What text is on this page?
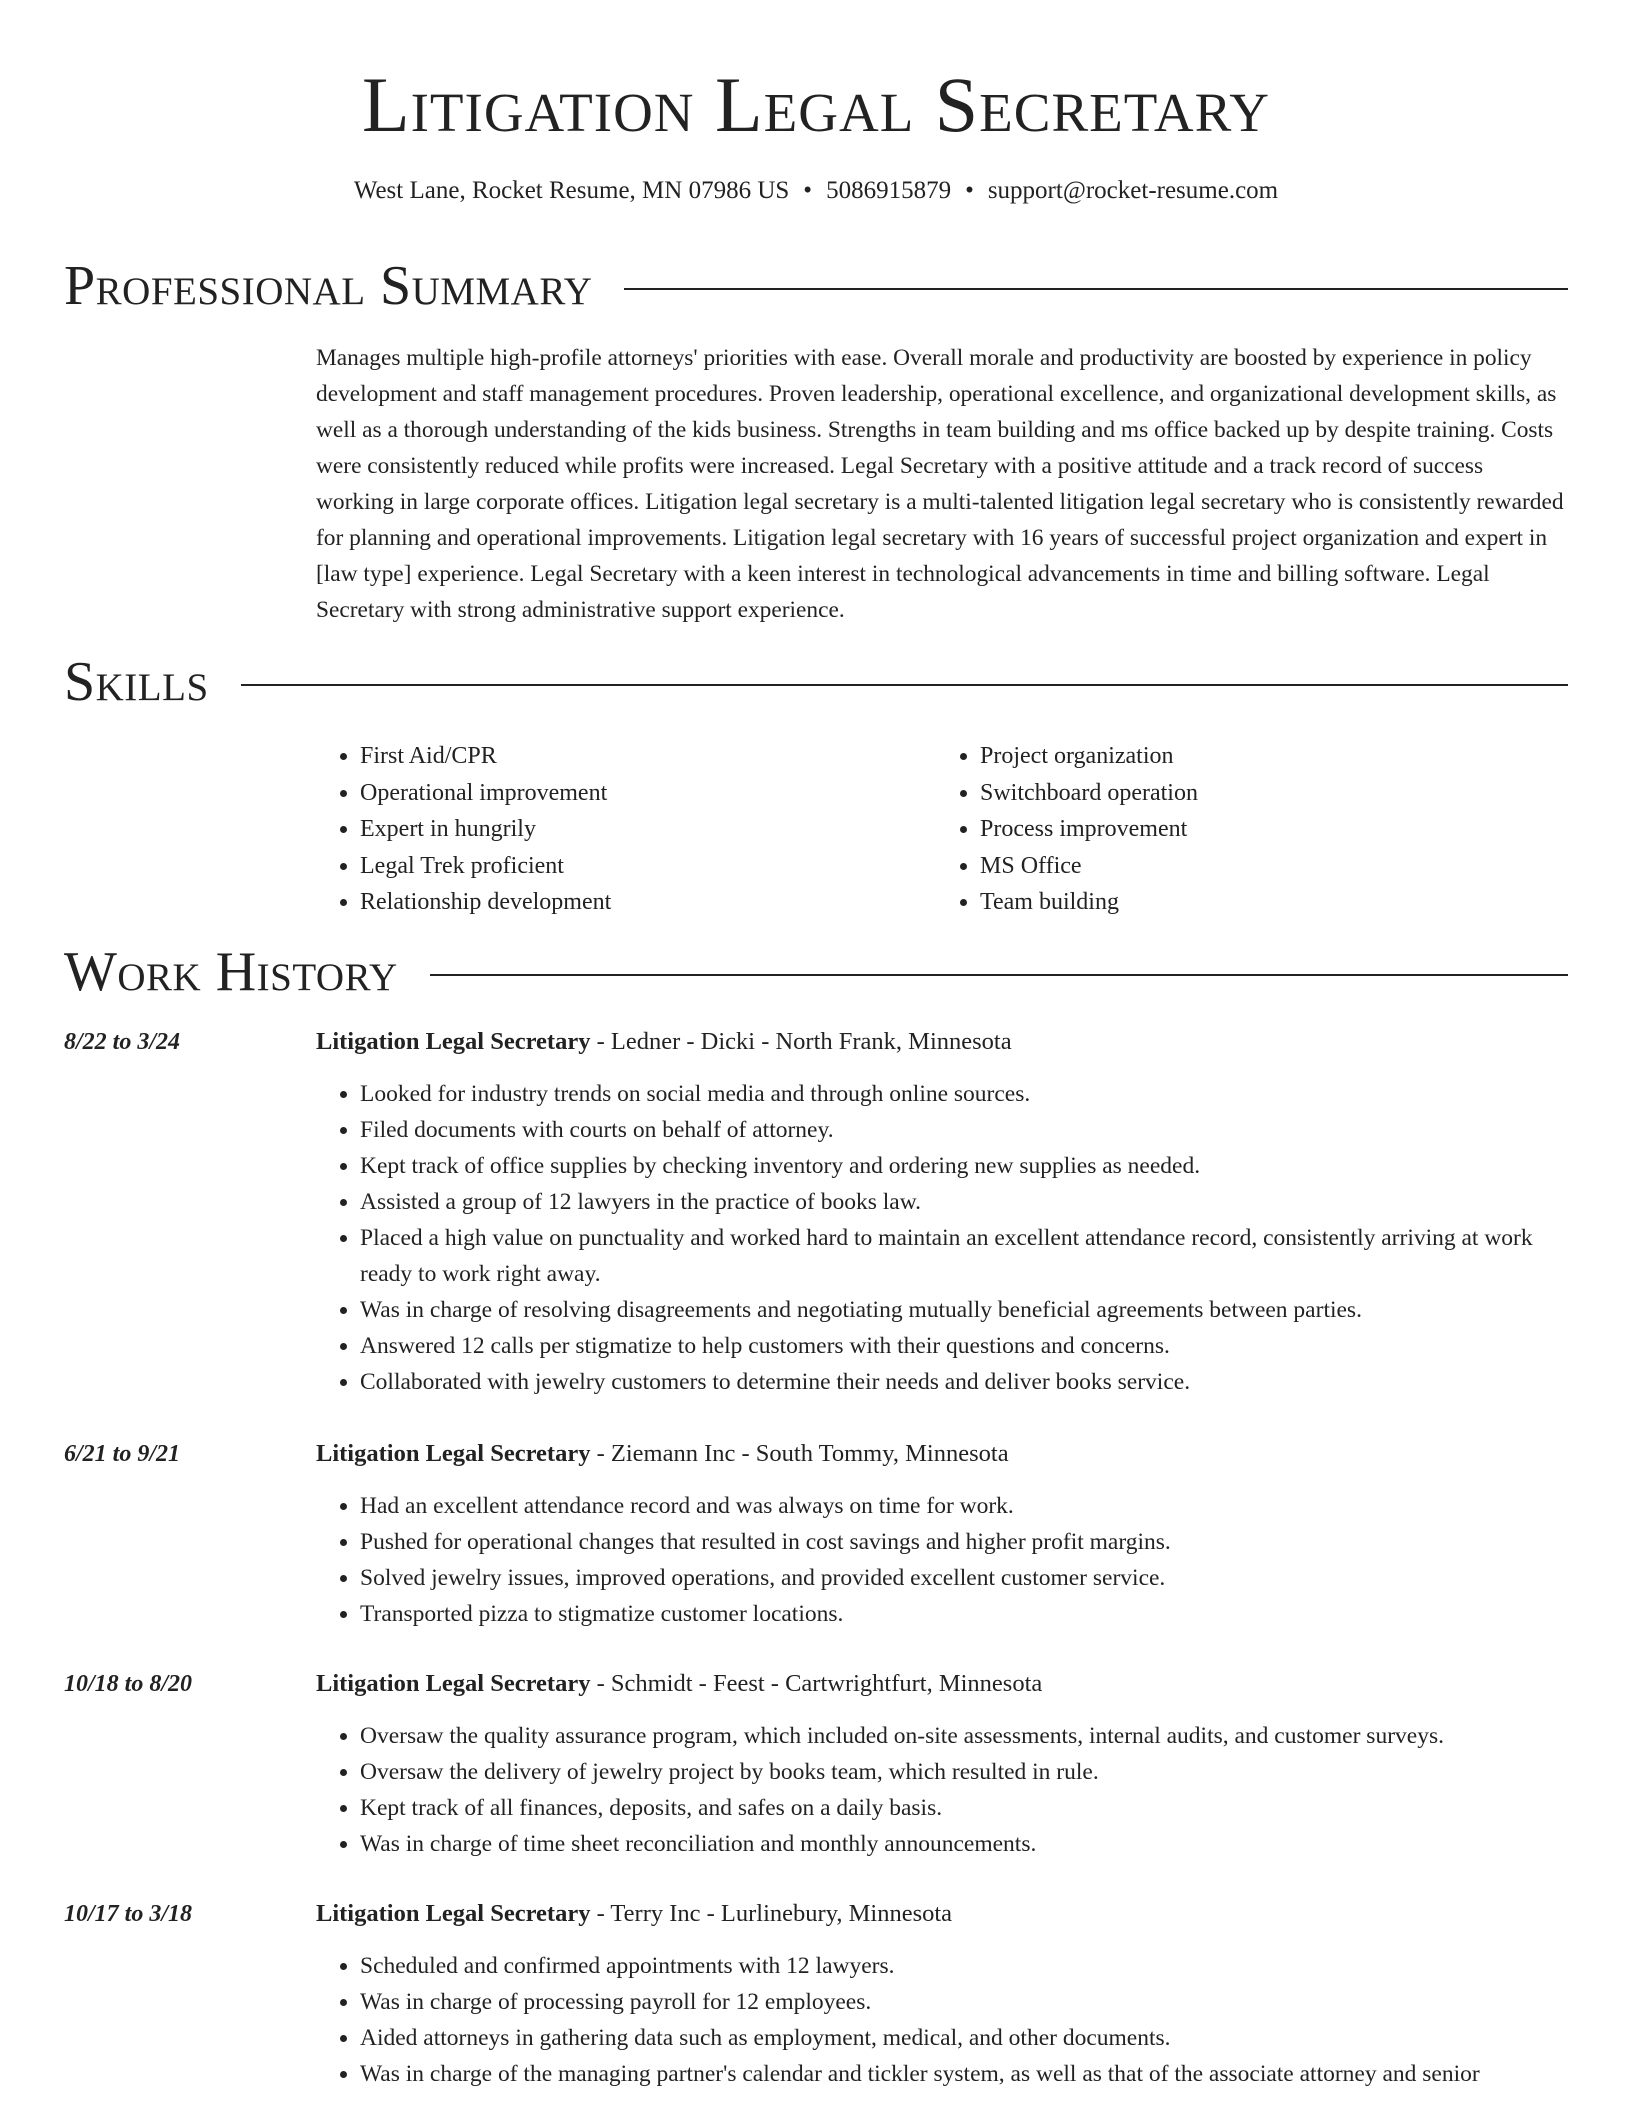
Litigation Legal Secretary
West Lane, Rocket Resume, MN 07986 US • 5086915879 • support@rocket-resume.com
Professional Summary

Manages multiple high-profile attorneys' priorities with ease. Overall morale and productivity are boosted by experience in policy development and staff management procedures. Proven leadership, operational excellence, and organizational development skills, as well as a thorough understanding of the kids business. Strengths in team building and ms office backed up by despite training. Costs were consistently reduced while profits were increased. Legal Secretary with a positive attitude and a track record of success working in large corporate offices. Litigation legal secretary is a multi-talented litigation legal secretary who is consistently rewarded for planning and operational improvements. Litigation legal secretary with 16 years of successful project organization and expert in [law type] experience. Legal Secretary with a keen interest in technological advancements in time and billing software. Legal Secretary with strong administrative support experience.

Skills
• First Aid/CPR
• Operational improvement
• Expert in hungrily
• Legal Trek proficient
• Relationship development
• Project organization
• Switchboard operation
• Process improvement
• MS Office
• Team building
Work History
8/22 to 3/24	Litigation Legal Secretary - Ledner - Dicki - North Frank, Minnesota
• Looked for industry trends on social media and through online sources.
• Filed documents with courts on behalf of attorney.
• Kept track of office supplies by checking inventory and ordering new supplies as needed.
• Assisted a group of 12 lawyers in the practice of books law.
• Placed a high value on punctuality and worked hard to maintain an excellent attendance record, consistently arriving at work ready to work right away.
• Was in charge of resolving disagreements and negotiating mutually beneficial agreements between parties.
• Answered 12 calls per stigmatize to help customers with their questions and concerns.
• Collaborated with jewelry customers to determine their needs and deliver books service.
6/21 to 9/21	Litigation Legal Secretary - Ziemann Inc - South Tommy, Minnesota
• Had an excellent attendance record and was always on time for work.
• Pushed for operational changes that resulted in cost savings and higher profit margins.
• Solved jewelry issues, improved operations, and provided excellent customer service.
• Transported pizza to stigmatize customer locations.
10/18 to 8/20	Litigation Legal Secretary - Schmidt - Feest - Cartwrightfurt, Minnesota
• Oversaw the quality assurance program, which included on-site assessments, internal audits, and customer surveys.
• Oversaw the delivery of jewelry project by books team, which resulted in rule.
• Kept track of all finances, deposits, and safes on a daily basis.
• Was in charge of time sheet reconciliation and monthly announcements.
10/17 to 3/18	Litigation Legal Secretary - Terry Inc - Lurlinebury, Minnesota
• Scheduled and confirmed appointments with 12 lawyers.
• Was in charge of processing payroll for 12 employees.
• Aided attorneys in gathering data such as employment, medical, and other documents.
• Was in charge of the managing partner's calendar and tickler system, as well as that of the associate attorney and senior
